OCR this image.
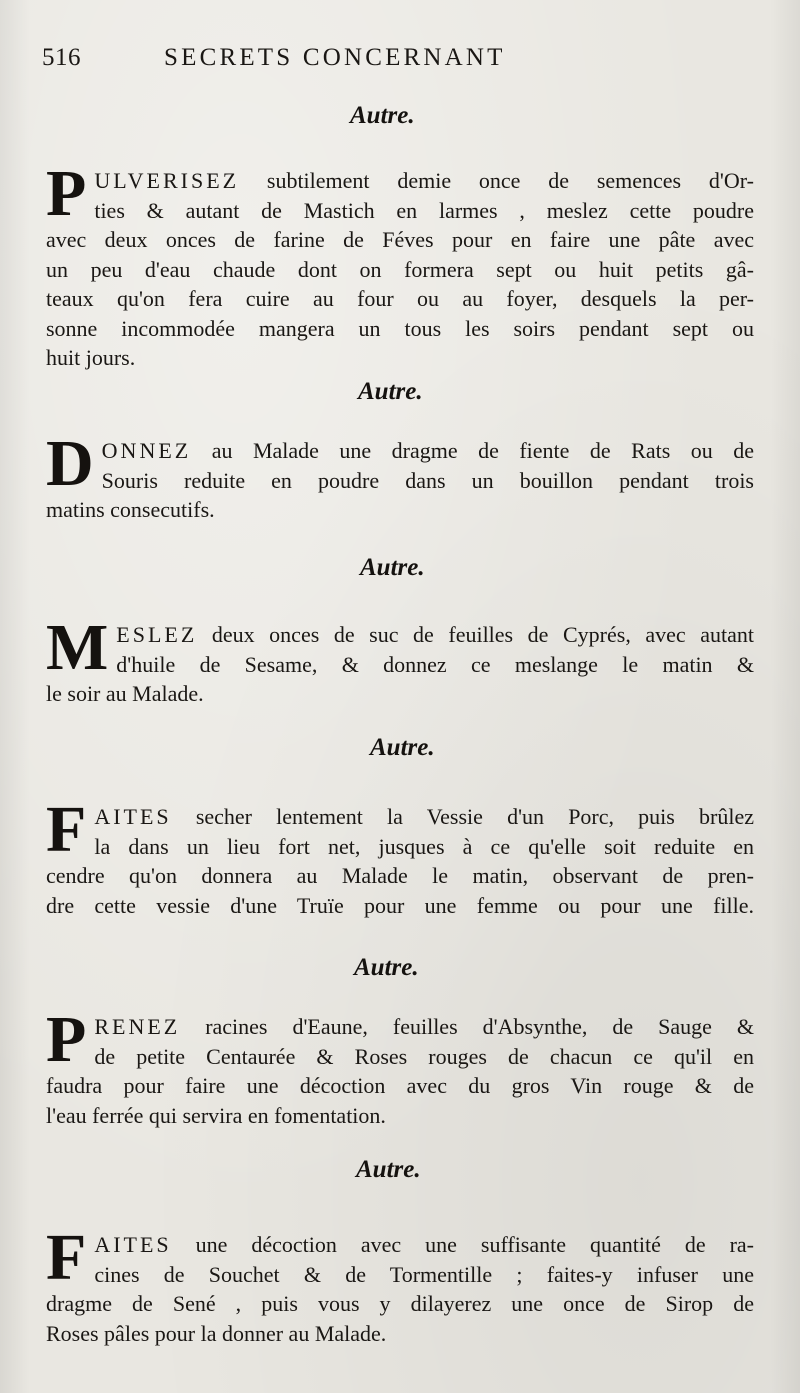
516	SECRETS CONCERNANT
Autre.
P ULVERISEZ subtilement demie once de semences d'Or-
ties & autant de Mastich en larmes , meslez cette poudre
avec deux onces de farine de Féves pour en faire une pâte avec
un peu d'eau chaude dont on formera sept ou huit petits gâ-
teaux qu'on fera cuire au four ou au foyer, desquels la per-
sonne incommodée mangera un tous les soirs pendant sept ou
huit jours.
Autre.
D ONNEZ au Malade une dragme de fiente de Rats ou de
Souris reduite en poudre dans un bouillon pendant trois
matins consecutifs.
Autre.
M ESLEZ deux onces de suc de feuilles de Cyprés, avec autant
d'huile de Sesame, & donnez ce meslange le matin &
le soir au Malade.
Autre.
F AITES secher lentement la Vessie d'un Porc, puis brûlez
la dans un lieu fort net, jusques à ce qu'elle soit reduite en
cendre qu'on donnera au Malade le matin, observant de pren-
dre cette vessie d'une Truïe pour une femme ou pour une fille.
Autre.
P RENEZ racines d'Eaune, feuilles d'Absynthe, de Sauge &
de petite Centaurée & Roses rouges de chacun ce qu'il en
faudra pour faire une décoction avec du gros Vin rouge & de
l'eau ferrée qui servira en fomentation.
Autre.
F AITES une décoction avec une suffisante quantité de ra-
cines de Souchet & de Tormentille ; faites-y infuser une
dragme de Sené , puis vous y dilayerez une once de Sirop de
Roses pâles pour la donner au Malade.
